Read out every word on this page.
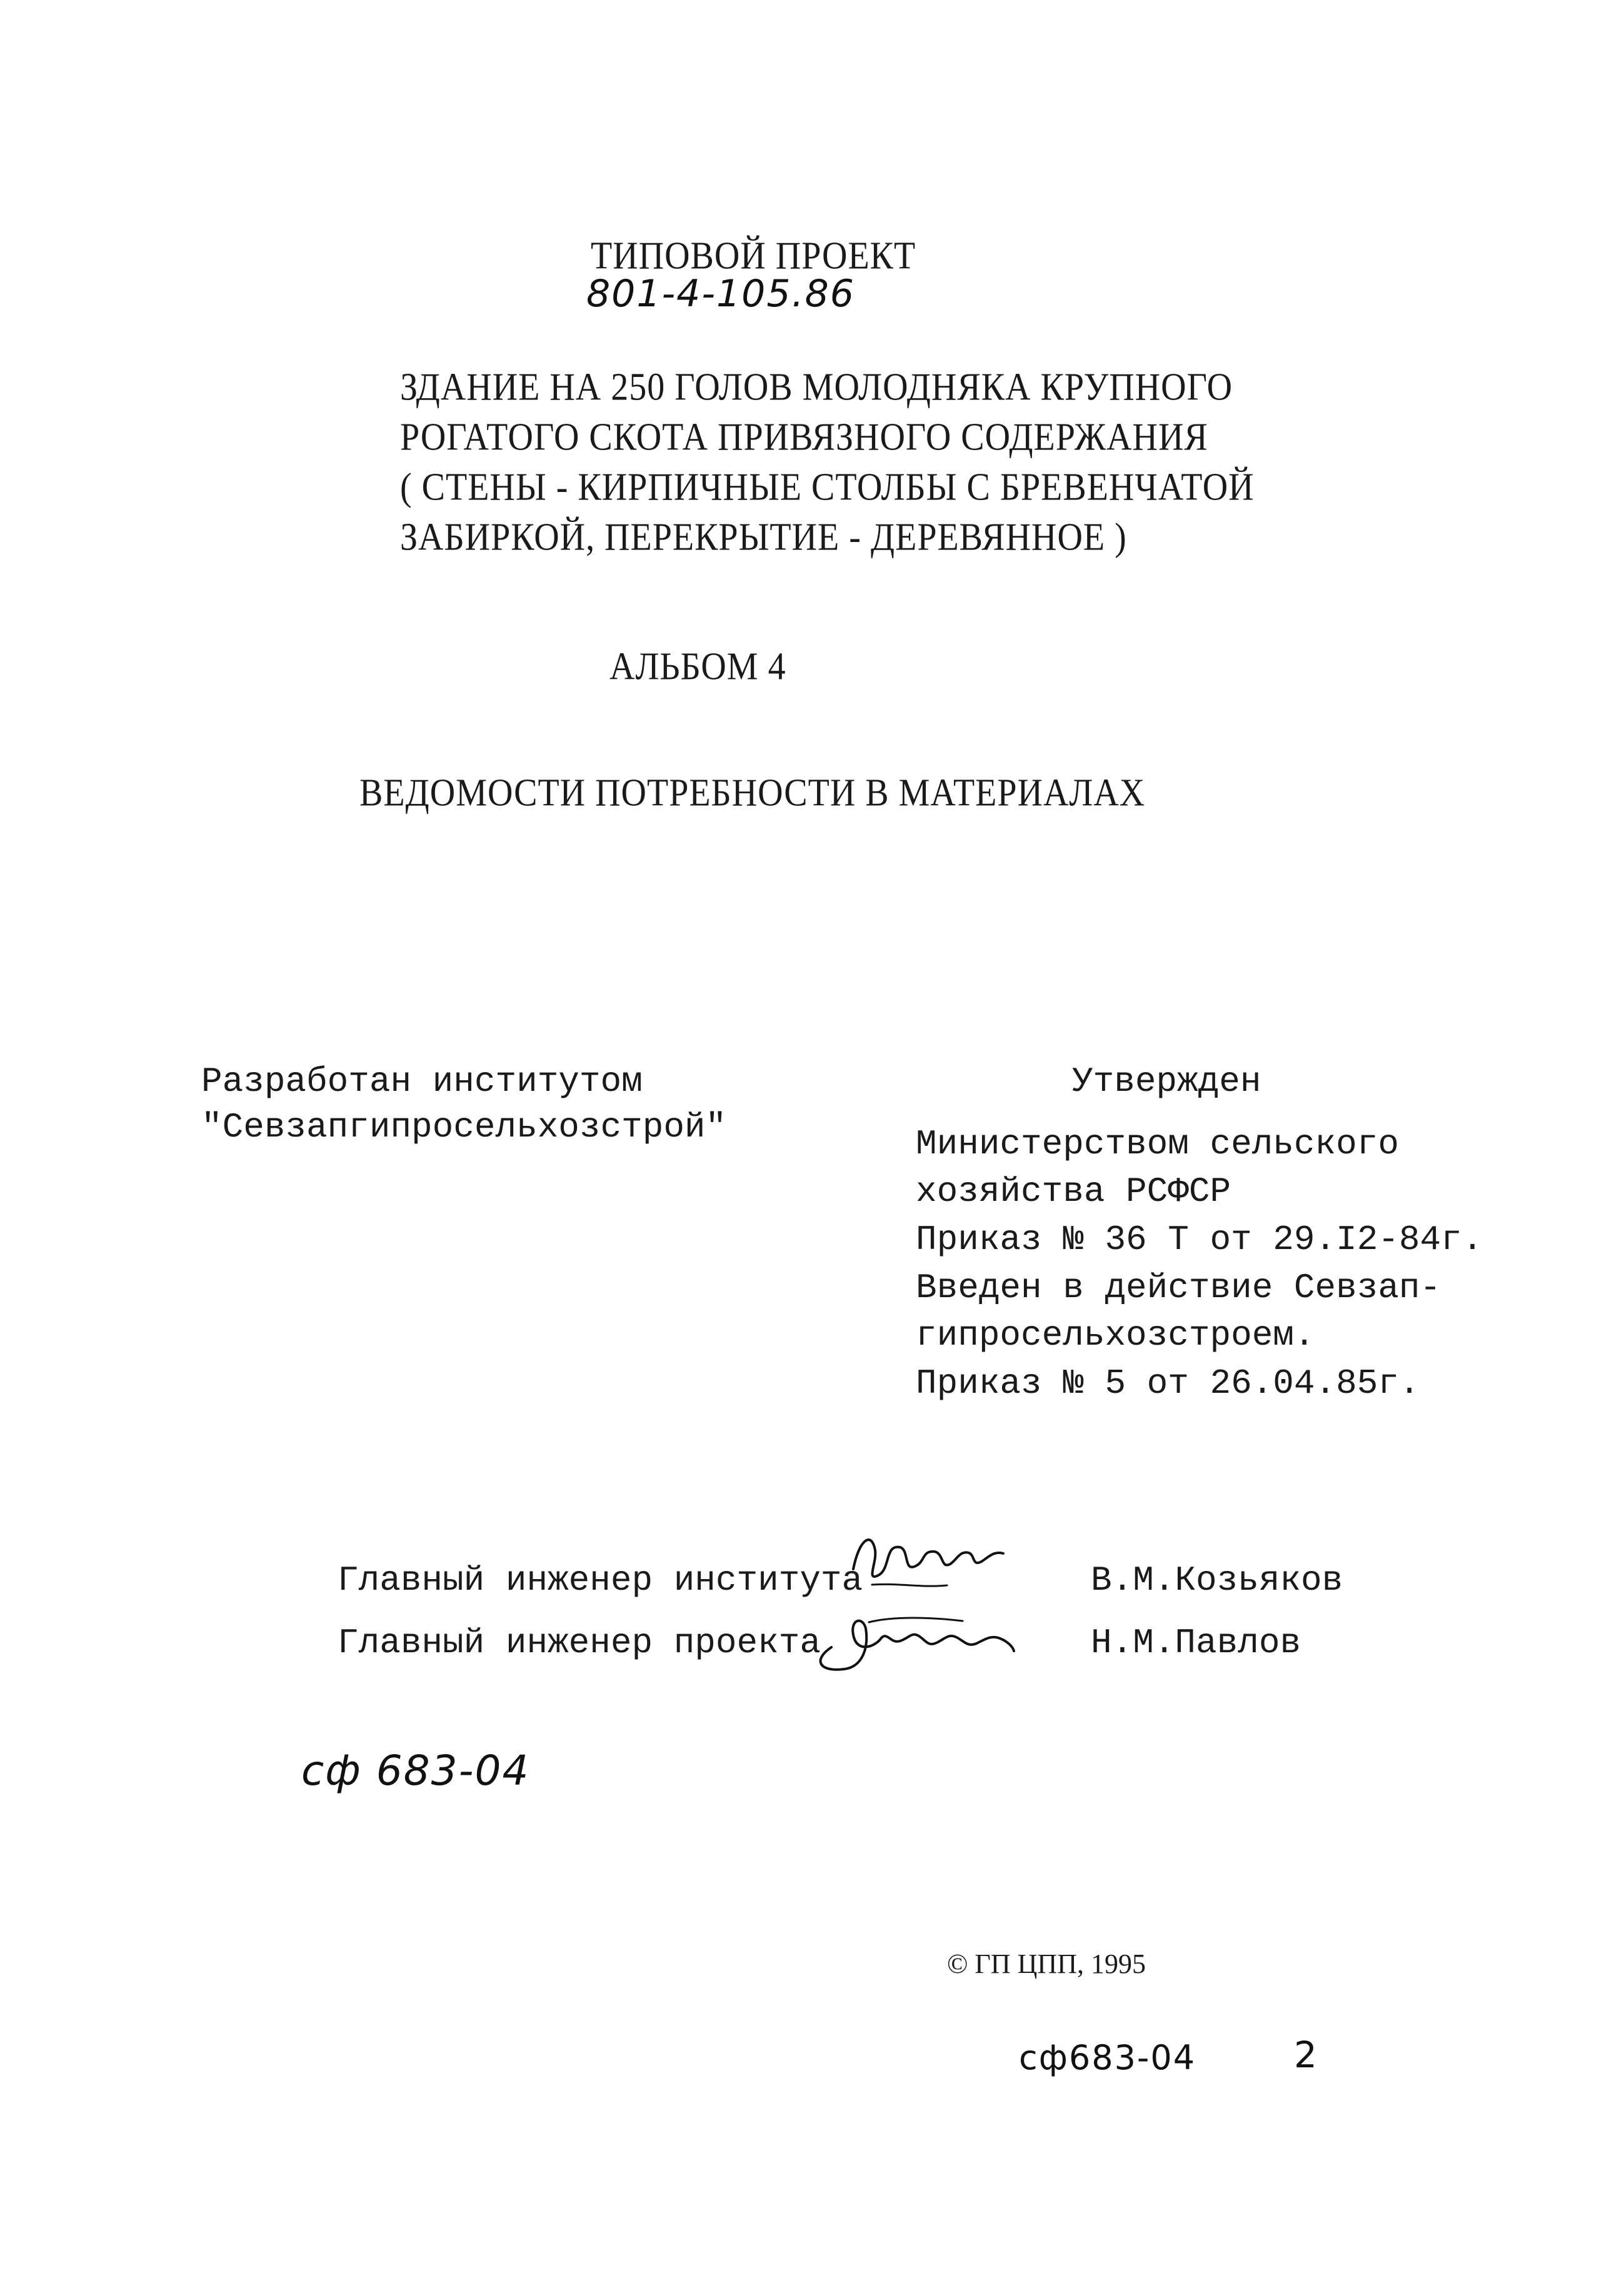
ТИПОВОЙ ПРОЕКТ
801-4-105.86
ЗДАНИЕ НА 250 ГОЛОВ МОЛОДНЯКА КРУПНОГО
РОГАТОГО СКОТА ПРИВЯЗНОГО СОДЕРЖАНИЯ
( СТЕНЫ - КИРПИЧНЫЕ СТОЛБЫ С БРЕВЕНЧАТОЙ
ЗАБИРКОЙ, ПЕРЕКРЫТИЕ - ДЕРЕВЯННОЕ )
АЛЬБОМ 4
ВЕДОМОСТИ ПОТРЕБНОСТИ В МАТЕРИАЛАХ
Разработан институтом
"Севзапгипросельхозстрой"
Утвержден
Министерством сельского
хозяйства РСФСР
Приказ № 36 Т от 29.I2-84г.
Введен в действие Севзап-
гипросельхозстроем.
Приказ № 5 от 26.04.85г.
Главный инженер института	В.М.Козьяков
Главный инженер проекта	Н.М.Павлов
сф 683-04
© ГП ЦПП, 1995
сф683-04	2
